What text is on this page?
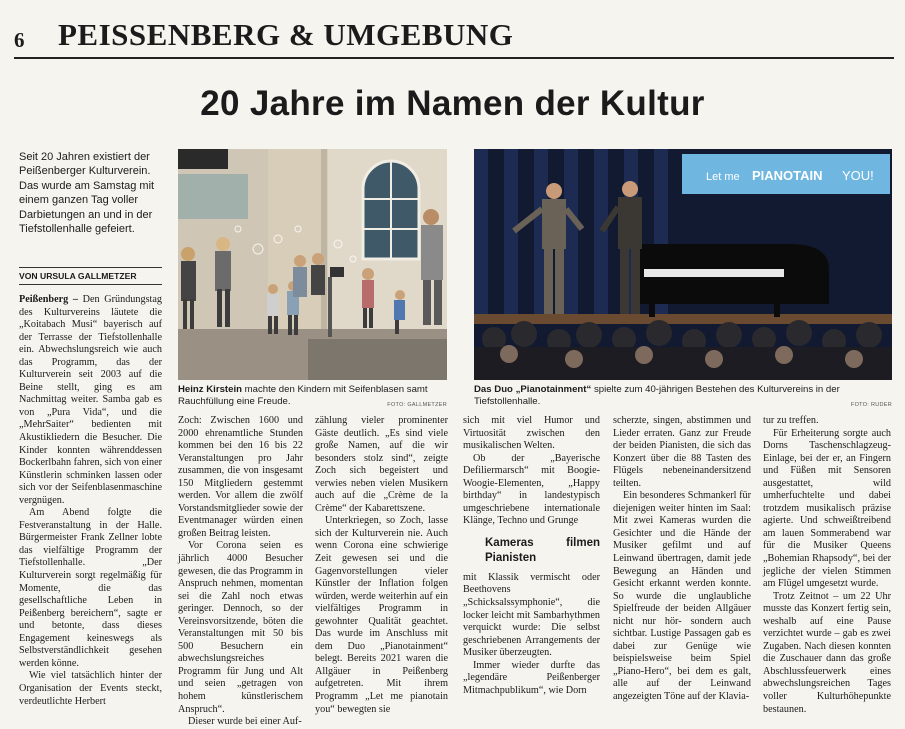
6 PEISSENBERG & UMGEBUNG
20 Jahre im Namen der Kultur
Seit 20 Jahren existiert der Peißenberger Kulturverein. Das wurde am Samstag mit einem ganzen Tag voller Darbietungen an und in der Tiefstollenhalle gefeiert.
VON URSULA GALLMETZER

Peißenberg – Den Gründungstag des Kulturvereins läutete die „Koitabach Musi“ bayerisch auf der Terrasse der Tiefstollenhalle ein. Abwechslungsreich wie auch das Programm, das der Kulturverein seit 2003 auf die Beine stellt, ging es am Nachmittag weiter. Samba gab es von „Pura Vida“, und die „MehrSaiter“ bedienten mit Akustikliedern die Besucher. Die Kinder konnten währenddessen Bockerlbahn fahren, sich von einer Künstlerin schminken lassen oder sich vor der Seifenblasenmaschine vergnügen.

Am Abend folgte die Festveranstaltung in der Halle. Bürgermeister Frank Zellner lobte das vielfältige Programm der Tiefstollenhalle. „Der Kulturverein sorgt regelmäßig für Momente, die das gesellschaftliche Leben in Peißenberg bereichern“, sagte er und betonte, dass dieses Engagement keineswegs als Selbstverständlichkeit gesehen werden könne.

Wie viel tatsächlich hinter der Organisation der Events steckt, verdeutlichte Herbert

Heinz Kirstein machte den Kindern mit Seifenblasen samt Rauchfüllung eine Freude.	FOTO: GALLMETZER
Let me PIANOTAIN YOU!
Das Duo „Pianotainment“ spielte zum 40-jährigen Bestehen des Kulturvereins in der Tiefstollenhalle.	FOTO: RUDER

Zoch: Zwischen 1600 und 2000 ehrenamtliche Stunden kommen bei den 16 bis 22 Veranstaltungen pro Jahr zusammen, die von insgesamt 150 Mitgliedern gestemmt werden. Vor allem die zwölf Vorstandsmitglieder sowie der Eventmanager würden einen großen Beitrag leisten.

Vor Corona seien es jährlich 4000 Besucher gewesen, die das Programm in Anspruch nehmen, momentan sei die Zahl noch etwas geringer. Dennoch, so der Vereinsvorsitzende, böten die Veranstaltungen mit 50 bis 500 Besuchern ein abwechslungsreiches Programm für Jung und Alt und seien „getragen von hohem künstlerischem Anspruch“.

Dieser wurde bei einer Auf-

zählung vieler prominenter Gäste deutlich. „Es sind viele große Namen, auf die wir besonders stolz sind“, zeigte Zoch sich begeistert und verwies neben vielen Musikern auch auf die „Crème de la Crème“ der Kabarettszene.

Unterkriegen, so Zoch, lasse sich der Kulturverein nie. Auch wenn Corona eine schwierige Zeit gewesen sei und die Gagenvorstellungen vieler Künstler der Inflation folgen würden, werde weiterhin auf ein vielfältiges Programm in gewohnter Qualität geachtet. Das wurde im Anschluss mit dem Duo „Pianotainment“ belegt. Bereits 2021 waren die Allgäuer in Peißenberg aufgetreten. Mit ihrem Programm „Let me pianotain you“ bewegten sie

sich mit viel Humor und Virtuosität zwischen den musikalischen Welten.

Ob der „Bayerische Defiliermarsch“ mit Boogie-Woogie-Elementen, „Happy birthday“ in landestypisch umgeschriebene internationale Klänge, Techno und Grunge

Kameras filmen Pianisten

mit Klassik vermischt oder Beethovens „Schicksalssymphonie“, die locker leicht mit Sambarhythmen verquickt wurde: Die selbst geschriebenen Arrangements der Musiker überzeugten.

Immer wieder durfte das „legendäre Peißenberger Mitmachpublikum“, wie Dorn

scherzte, singen, abstimmen und Lieder erraten. Ganz zur Freude der beiden Pianisten, die sich das Konzert über die 88 Tasten des Flügels nebeneinandersitzend teilten.

Ein besonderes Schmankerl für diejenigen weiter hinten im Saal: Mit zwei Kameras wurden die Gesichter und die Hände der Musiker gefilmt und auf Leinwand übertragen, damit jede Bewegung an Händen und Gesicht erkannt werden konnte. So wurde die unglaubliche Spielfreude der beiden Allgäuer nicht nur hör- sondern auch sichtbar. Lustige Passagen gab es dabei zur Genüge wie beispielsweise beim Spiel „Piano-Hero“, bei dem es galt, alle auf der Leinwand angezeigten Töne auf der Klavia-

tur zu treffen.

Für Erheiterung sorgte auch Dorns Taschenschlagzeug-Einlage, bei der er, an Fingern und Füßen mit Sensoren ausgestattet, wild umherfuchtelte und dabei trotzdem musikalisch präzise agierte. Und schweißtreibend am lauen Sommerabend war für die Musiker Queens „Bohemian Rhapsody“, bei der jegliche der vielen Stimmen am Flügel umgesetzt wurde.

Trotz Zeitnot – um 22 Uhr musste das Konzert fertig sein, weshalb auf eine Pause verzichtet wurde – gab es zwei Zugaben. Nach diesen konnten die Zuschauer dann das große Abschlussfeuerwerk eines abwechslungsreichen Tages voller Kulturhöhepunkte bestaunen.
